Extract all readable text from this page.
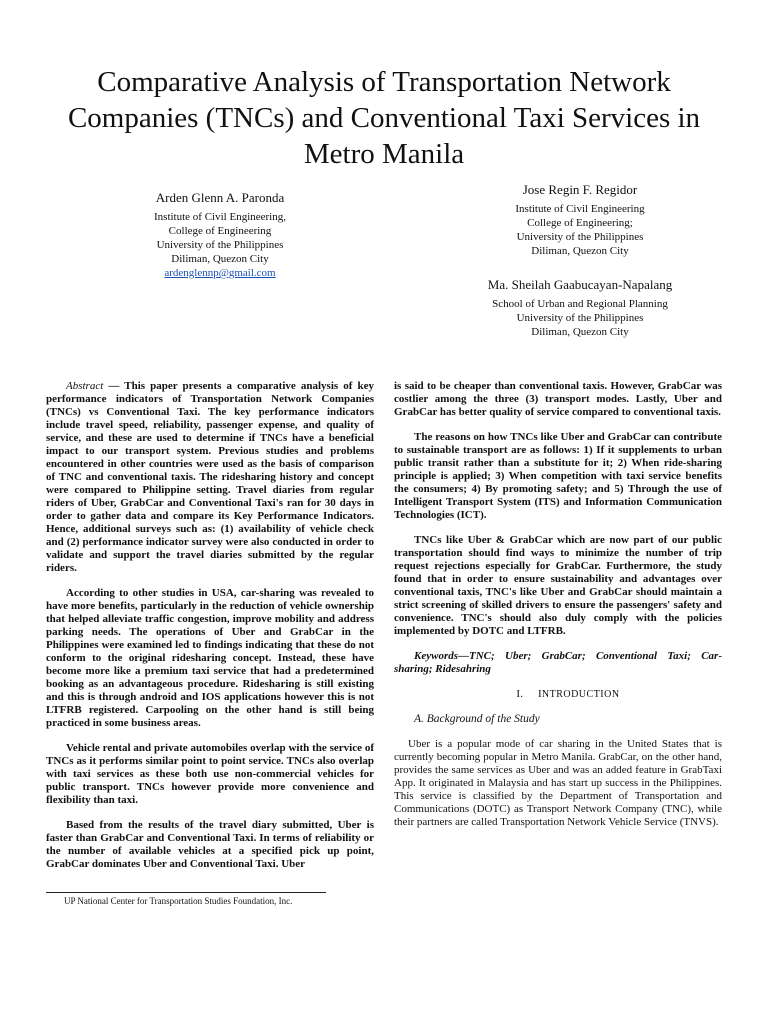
Comparative Analysis of Transportation Network Companies (TNCs) and Conventional Taxi Services in Metro Manila
Arden Glenn A. Paronda
Institute of Civil Engineering,
College of Engineering
University of the Philippines
Diliman, Quezon City
ardenglennp@gmail.com
Jose Regin F. Regidor
Institute of Civil Engineering
College of Engineering;
University of the Philippines
Diliman, Quezon City
Ma. Sheilah Gaabucayan-Napalang
School of Urban and Regional Planning
University of the Philippines
Diliman, Quezon City

Abstract — This paper presents a comparative analysis of key performance indicators of Transportation Network Companies (TNCs) vs Conventional Taxi. The key performance indicators include travel speed, reliability, passenger expense, and quality of service, and these are used to determine if TNCs have a beneficial impact to our transport system. Previous studies and problems encountered in other countries were used as the basis of comparison of TNC and conventional taxis. The ridesharing history and concept were compared to Philippine setting. Travel diaries from regular riders of Uber, GrabCar and Conventional Taxi's ran for 30 days in order to gather data and compare its Key Performance Indicators. Hence, additional surveys such as: (1) availability of vehicle check and (2) performance indicator survey were also conducted in order to validate and support the travel diaries submitted by the regular riders.

According to other studies in USA, car-sharing was revealed to have more benefits, particularly in the reduction of vehicle ownership that helped alleviate traffic congestion, improve mobility and address parking needs. The operations of Uber and GrabCar in the Philippines were examined led to findings indicating that these do not conform to the original ridesharing concept. Instead, these have become more like a premium taxi service that had a predetermined booking as an advantageous procedure. Ridesharing is still existing and this is through android and IOS applications however this is not LTFRB registered. Carpooling on the other hand is still being practiced in some business areas.

Vehicle rental and private automobiles overlap with the service of TNCs as it performs similar point to point service. TNCs also overlap with taxi services as these both use non-commercial vehicles for public transport. TNCs however provide more convenience and flexibility than taxi.

Based from the results of the travel diary submitted, Uber is faster than GrabCar and Conventional Taxi. In terms of reliability or the number of available vehicles at a specified pick up point, GrabCar dominates Uber and Conventional Taxi. Uber

is said to be cheaper than conventional taxis. However, GrabCar was costlier among the three (3) transport modes. Lastly, Uber and GrabCar has better quality of service compared to conventional taxis.

The reasons on how TNCs like Uber and GrabCar can contribute to sustainable transport are as follows: 1) If it supplements to urban public transit rather than a substitute for it; 2) When ride-sharing principle is applied; 3) When competition with taxi service benefits the consumers; 4) By promoting safety; and 5) Through the use of Intelligent Transport System (ITS) and Information Communication Technologies (ICT).

TNCs like Uber & GrabCar which are now part of our public transportation should find ways to minimize the number of trip request rejections especially for GrabCar. Furthermore, the study found that in order to ensure sustainability and advantages over conventional taxis, TNC's like Uber and GrabCar should maintain a strict screening of skilled drivers to ensure the passengers' safety and convenience. TNC's should also duly comply with the policies implemented by DOTC and LTFRB.

Keywords—TNC; Uber; GrabCar; Conventional Taxi; Car-sharing; Ridesahring

I. INTRODUCTION

A. Background of the Study

Uber is a popular mode of car sharing in the United States that is currently becoming popular in Metro Manila. GrabCar, on the other hand, provides the same services as Uber and was an added feature in GrabTaxi App. It originated in Malaysia and has start up success in the Philippines. This service is classified by the Department of Transportation and Communications (DOTC) as Transport Network Company (TNC), while their partners are called Transportation Network Vehicle Service (TNVS).

UP National Center for Transportation Studies Foundation, Inc.
